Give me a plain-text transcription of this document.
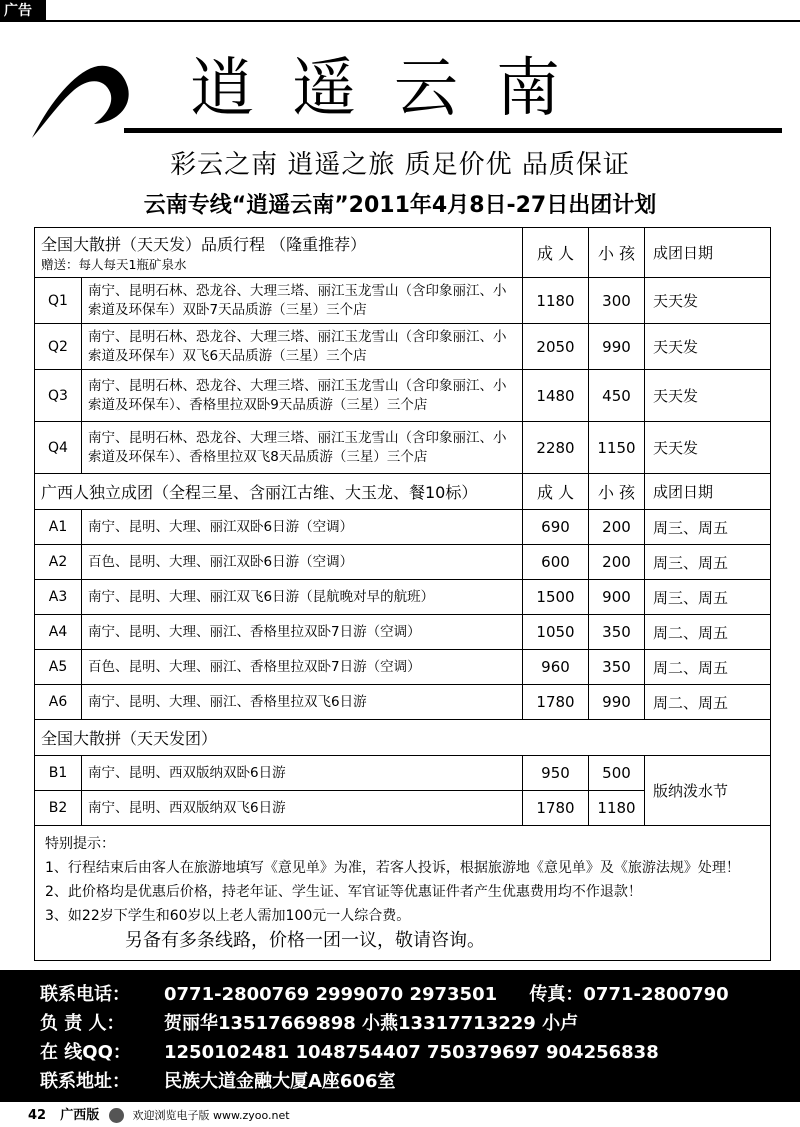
广告
逍遥云南
彩云之南 逍遥之旅 质足价优 品质保证
云南专线“逍遥云南”2011年4月8日-27日出团计划
全国大散拼（天天发）品质行程 （隆重推荐）
赠送：每人每天1瓶矿泉水		成 人	小 孩	成团日期
Q1	南宁、昆明石林、恐龙谷、大理三塔、丽江玉龙雪山（含印象丽江、小
索道及环保车）双卧7天品质游（三星）三个店	1180	300	天天发
Q2	南宁、昆明石林、恐龙谷、大理三塔、丽江玉龙雪山（含印象丽江、小
索道及环保车）双飞6天品质游（三星）三个店	2050	990	天天发
Q3	南宁、昆明石林、恐龙谷、大理三塔、丽江玉龙雪山（含印象丽江、小
索道及环保车）、香格里拉双卧9天品质游（三星）三个店	1480	450	天天发
Q4	南宁、昆明石林、恐龙谷、大理三塔、丽江玉龙雪山（含印象丽江、小
索道及环保车）、香格里拉双飞8天品质游（三星）三个店	2280	1150	天天发
广西人独立成团（全程三星、含丽江古维、大玉龙、餐10标）		成 人	小 孩	成团日期
A1	南宁、昆明、大理、丽江双卧6日游（空调）	690	200	周三、周五
A2	百色、昆明、大理、丽江双卧6日游（空调）	600	200	周三、周五
A3	南宁、昆明、大理、丽江双飞6日游（昆航晚对早的航班）	1500	900	周三、周五
A4	南宁、昆明、大理、丽江、香格里拉双卧7日游（空调）	1050	350	周二、周五
A5	百色、昆明、大理、丽江、香格里拉双卧7日游（空调）	960	350	周二、周五
A6	南宁、昆明、大理、丽江、香格里拉双飞6日游	1780	990	周二、周五
全国大散拼（天天发团）				
B1	南宁、昆明、西双版纳双卧6日游	950	500	版纳泼水节
B2	南宁、昆明、西双版纳双飞6日游	1780	1180	

特别提示：
1、行程结束后由客人在旅游地填写《意见单》为准，若客人投诉，根据旅游地《意见单》及《旅游法规》处理！
2、此价格均是优惠后价格，持老年证、学生证、军官证等优惠证件者产生优惠费用均不作退款！
3、如22岁下学生和60岁以上老人需加100元一人综合费。
另备有多条线路，价格一团一议，敬请咨询。				
联系电话： 0771-2800769 2999070 2973501 传真：0771-2800790
负 责 人： 贺丽华13517669898 小燕13317713229 小卢
在 线QQ： 1250102481 1048754407 750379697 904256838
联系地址： 民族大道金融大厦A座606室
42 广西版	欢迎浏览电子版 www.zyoo.net
